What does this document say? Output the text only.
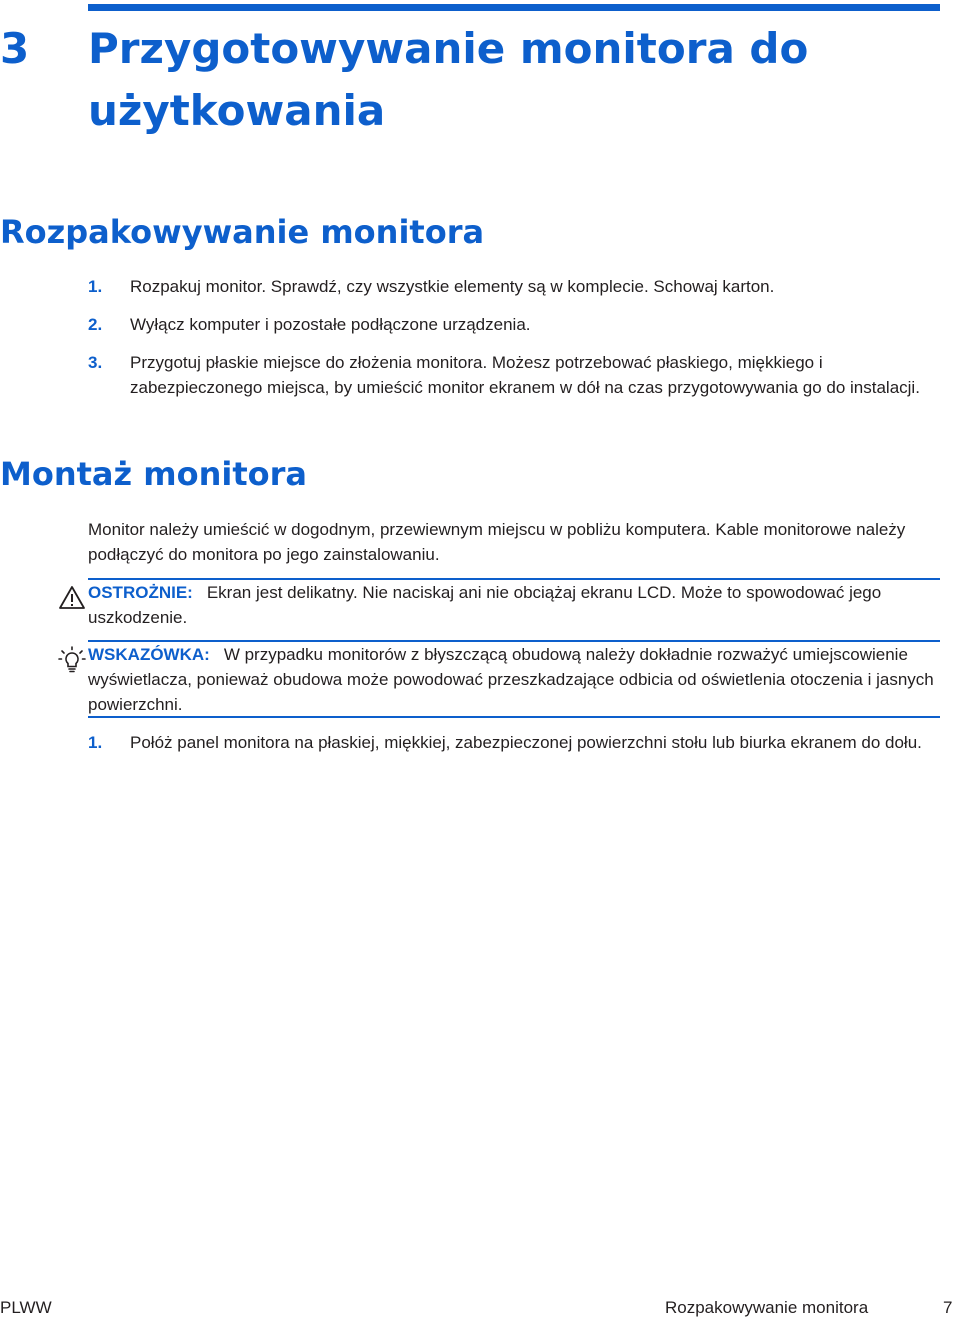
3 Przygotowywanie monitora do użytkowania
Rozpakowywanie monitora
1. Rozpakuj monitor. Sprawdź, czy wszystkie elementy są w komplecie. Schowaj karton.
2. Wyłącz komputer i pozostałe podłączone urządzenia.
3. Przygotuj płaskie miejsce do złożenia monitora. Możesz potrzebować płaskiego, miękkiego i zabezpieczonego miejsca, by umieścić monitor ekranem w dół na czas przygotowywania go do instalacji.
Montaż monitora
Monitor należy umieścić w dogodnym, przewiewnym miejscu w pobliżu komputera. Kable monitorowe należy podłączyć do monitora po jego zainstalowaniu.
OSTROŻNIE: Ekran jest delikatny. Nie naciskaj ani nie obciążaj ekranu LCD. Może to spowodować jego uszkodzenie.
WSKAZÓWKA: W przypadku monitorów z błyszczącą obudową należy dokładnie rozważyć umiejscowienie wyświetlacza, ponieważ obudowa może powodować przeszkadzające odbicia od oświetlenia otoczenia i jasnych powierzchni.
1. Połóż panel monitora na płaskiej, miękkiej, zabezpieczonej powierzchni stołu lub biurka ekranem do dołu.
PLWW	Rozpakowywanie monitora	7
